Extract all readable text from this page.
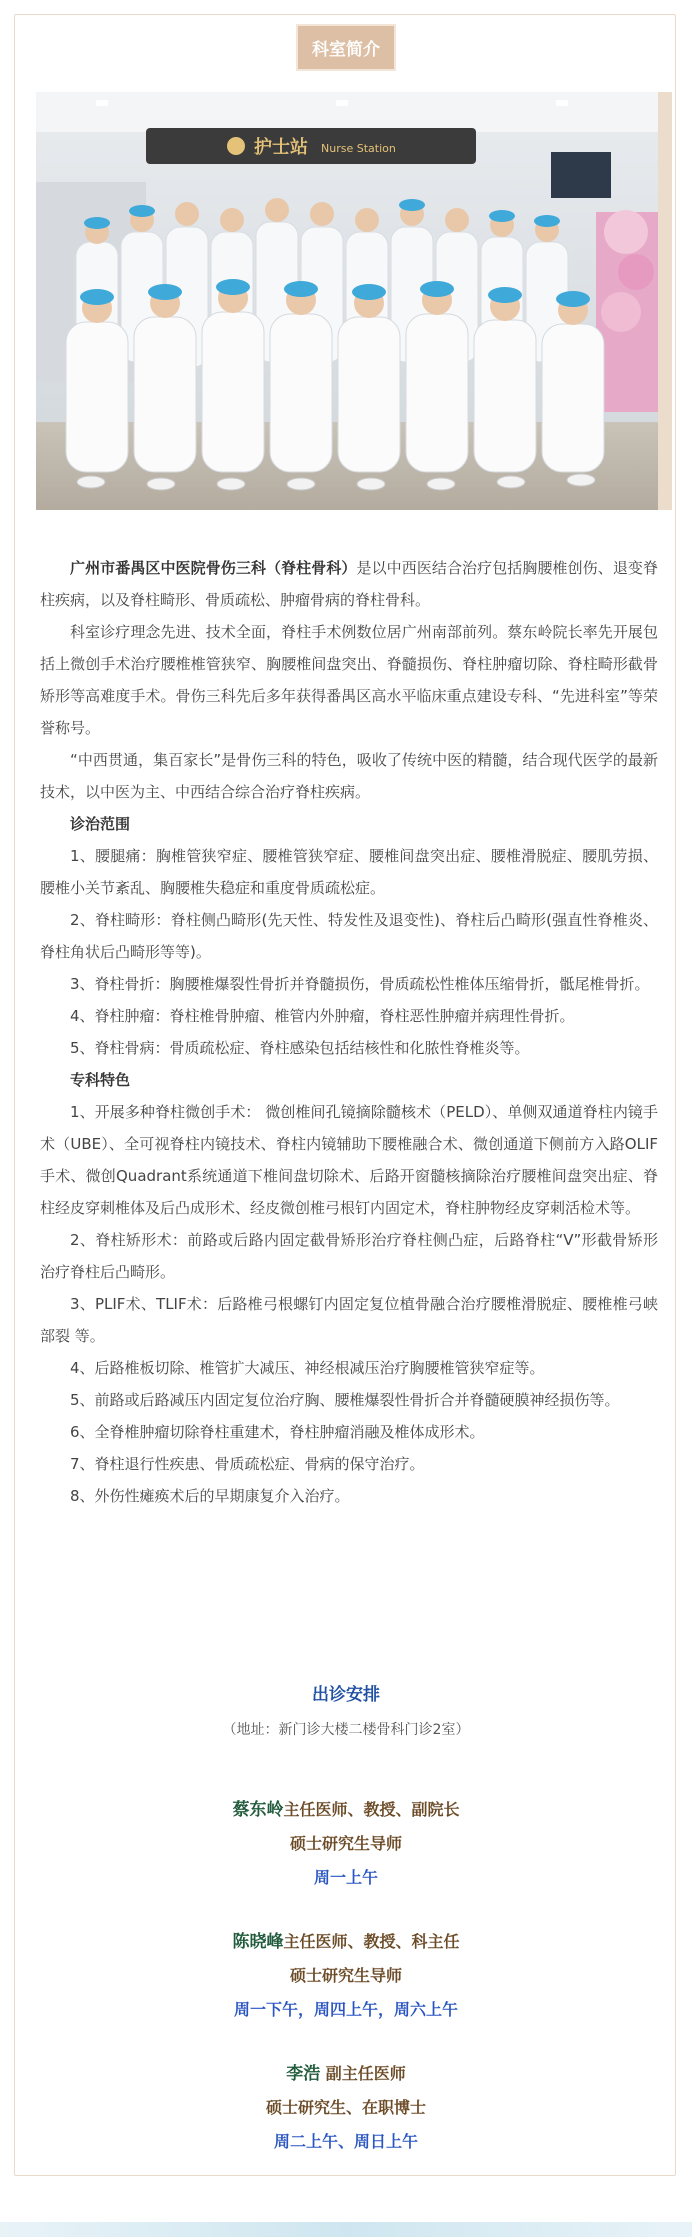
科室简介
护士站 Nurse Station

广州市番禺区中医院骨伤三科（脊柱骨科）是以中西医结合治疗包括胸腰椎创伤、退变脊柱疾病，以及脊柱畸形、骨质疏松、肿瘤骨病的脊柱骨科。

科室诊疗理念先进、技术全面，脊柱手术例数位居广州南部前列。蔡东岭院长率先开展包括上微创手术治疗腰椎椎管狭窄、胸腰椎间盘突出、脊髓损伤、脊柱肿瘤切除、脊柱畸形截骨矫形等高难度手术。骨伤三科先后多年获得番禺区高水平临床重点建设专科、“先进科室”等荣誉称号。

“中西贯通，集百家长”是骨伤三科的特色，吸收了传统中医的精髓，结合现代医学的最新技术，以中医为主、中西结合综合治疗脊柱疾病。

诊治范围

1、腰腿痛：胸椎管狭窄症、腰椎管狭窄症、腰椎间盘突出症、腰椎滑脱症、腰肌劳损、腰椎小关节紊乱、胸腰椎失稳症和重度骨质疏松症。

2、脊柱畸形：脊柱侧凸畸形(先天性、特发性及退变性)、脊柱后凸畸形(强直性脊椎炎、脊柱角状后凸畸形等等)。

3、脊柱骨折：胸腰椎爆裂性骨折并脊髓损伤，骨质疏松性椎体压缩骨折，骶尾椎骨折。

4、脊柱肿瘤：脊柱椎骨肿瘤、椎管内外肿瘤，脊柱恶性肿瘤并病理性骨折。

5、脊柱骨病：骨质疏松症、脊柱感染包括结核性和化脓性脊椎炎等。

专科特色

1、开展多种脊柱微创手术： 微创椎间孔镜摘除髓核术（PELD）、单侧双通道脊柱内镜手术（UBE）、全可视脊柱内镜技术、脊柱内镜辅助下腰椎融合术、微创通道下侧前方入路OLIF手术、微创Quadrant系统通道下椎间盘切除术、后路开窗髓核摘除治疗腰椎间盘突出症、脊柱经皮穿刺椎体及后凸成形术、经皮微创椎弓根钉内固定术，脊柱肿物经皮穿刺活检术等。

2、脊柱矫形术：前路或后路内固定截骨矫形治疗脊柱侧凸症，后路脊柱“V”形截骨矫形治疗脊柱后凸畸形。

3、PLIF术、TLIF术：后路椎弓根螺钉内固定复位植骨融合治疗腰椎滑脱症、腰椎椎弓峡部裂 等。

4、后路椎板切除、椎管扩大减压、神经根减压治疗胸腰椎管狭窄症等。

5、前路或后路减压内固定复位治疗胸、腰椎爆裂性骨折合并脊髓硬膜神经损伤等。

6、全脊椎肿瘤切除脊柱重建术，脊柱肿瘤消融及椎体成形术。

7、脊柱退行性疾患、骨质疏松症、骨病的保守治疗。

8、外伤性瘫痪术后的早期康复介入治疗。

出诊安排
（地址：新门诊大楼二楼骨科门诊2室）
蔡东岭主任医师、教授、副院长
硕士研究生导师
周一上午
陈晓峰主任医师、教授、科主任
硕士研究生导师
周一下午，周四上午，周六上午
李浩 副主任医师
硕士研究生、在职博士
周二上午、周日上午
